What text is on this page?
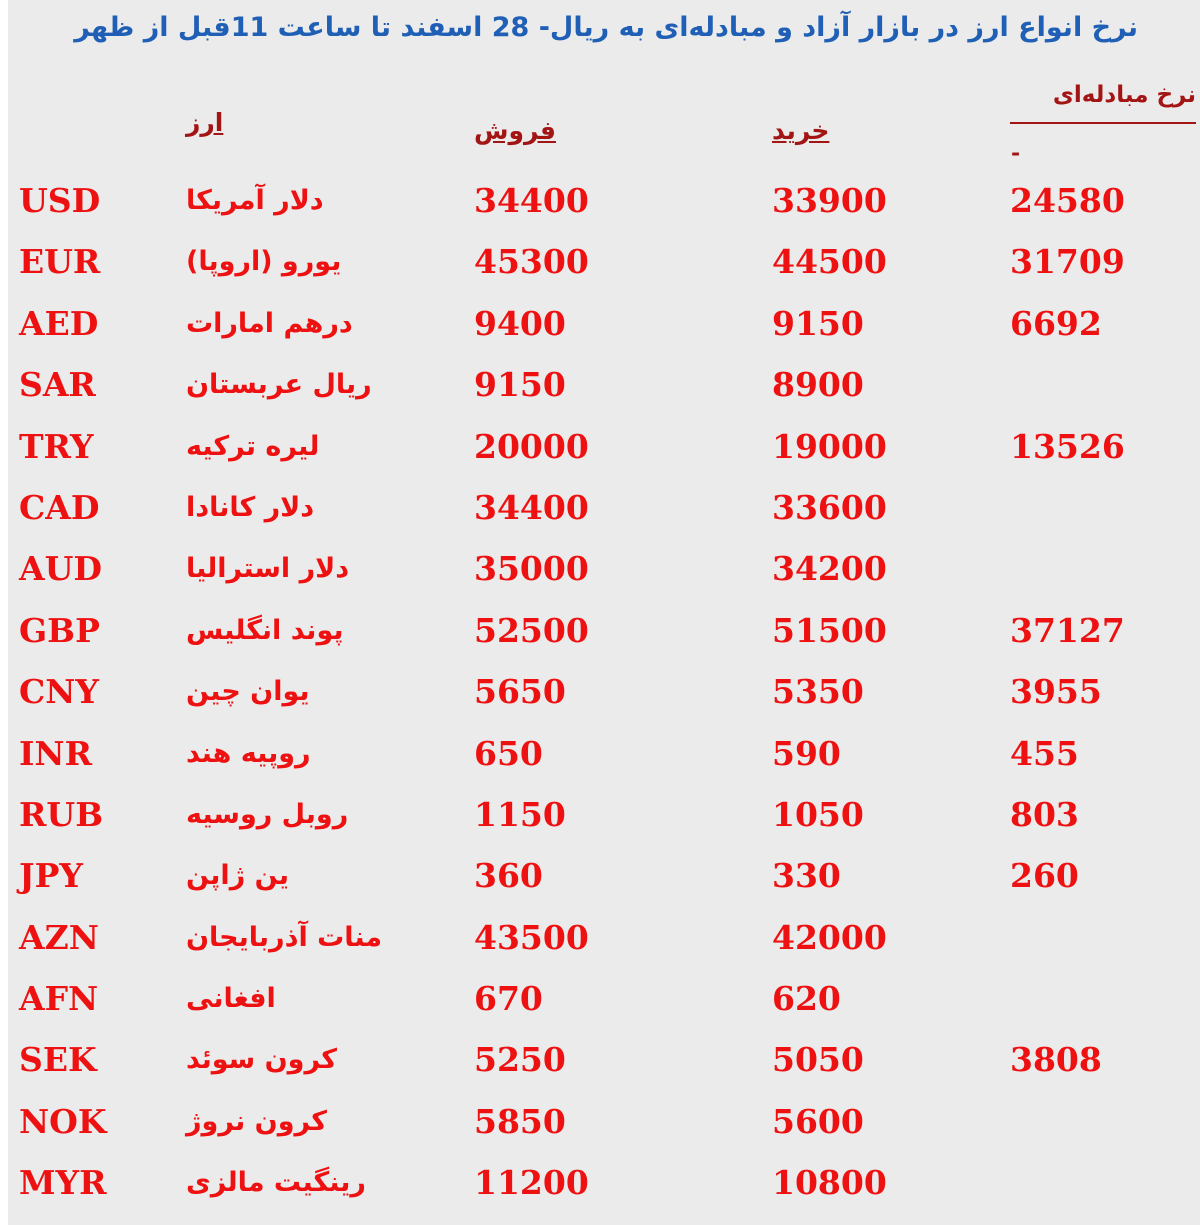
نرخ انواع ارز در بازار آزاد و مبادله‌ای به ریال- 28 اسفند تا ساعت 11قبل از ظهر
ارز	فروش	خرید
نرخ مبادله‌ای
-
USD	دلار آمریکا	34400	33900	24580
EUR	یورو (اروپا)	45300	44500	31709
AED	درهم امارات	9400	9150	6692
SAR	ریال عربستان	9150	8900
TRY	لیره ترکیه	20000	19000	13526
CAD	دلار کانادا	34400	33600
AUD	دلار استرالیا	35000	34200
GBP	پوند انگلیس	52500	51500	37127
CNY	یوان چین	5650	5350	3955
INR	روپیه هند	650	590	455
RUB	روبل روسیه	1150	1050	803
JPY	ین ژاپن	360	330	260
AZN	منات آذربایجان	43500	42000
AFN	افغانی	670	620
SEK	کرون سوئد	5250	5050	3808
NOK	کرون نروژ	5850	5600
MYR	رینگیت مالزی	11200	10800
